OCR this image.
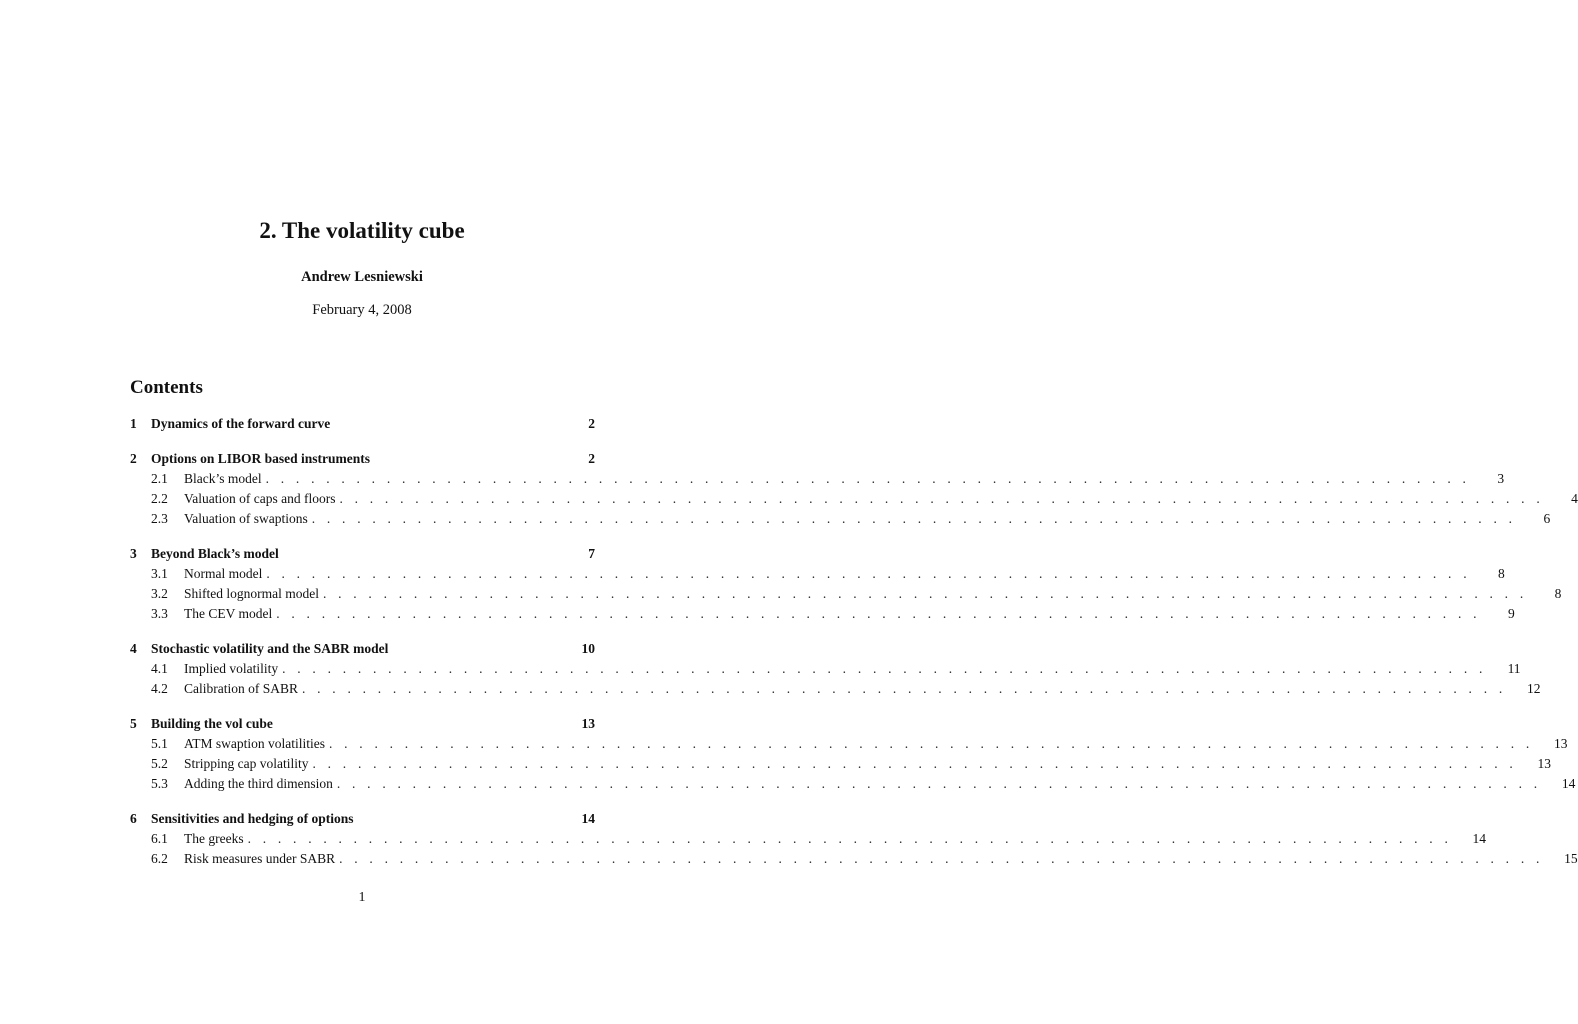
2. The volatility cube
Andrew Lesniewski
February 4, 2008
Contents
1	Dynamics of the forward curve	2
2	Options on LIBOR based instruments	2
2.1	Black’s model . . . . . . . . . . . . . . . . . . . . . . . . . . . . . . . . . . . . . . . . . . . . . . . . . . . . . . . . . . . . . . . . . . . . . . . . . . . . . . . .	3
2.2	Valuation of caps and floors . . . . . . . . . . . . . . . . . . . . . . . . . . . . . . . . . . . . . . . . . . . . . . . . . . . . . . . . . . . . . . . . . . . . . . . . . . . . . . . .	4
2.3	Valuation of swaptions . . . . . . . . . . . . . . . . . . . . . . . . . . . . . . . . . . . . . . . . . . . . . . . . . . . . . . . . . . . . . . . . . . . . . . . . . . . . . . . .	6
3	Beyond Black’s model	7
3.1	Normal model . . . . . . . . . . . . . . . . . . . . . . . . . . . . . . . . . . . . . . . . . . . . . . . . . . . . . . . . . . . . . . . . . . . . . . . . . . . . . . . .	8
3.2	Shifted lognormal model . . . . . . . . . . . . . . . . . . . . . . . . . . . . . . . . . . . . . . . . . . . . . . . . . . . . . . . . . . . . . . . . . . . . . . . . . . . . . . . .	8
3.3	The CEV model . . . . . . . . . . . . . . . . . . . . . . . . . . . . . . . . . . . . . . . . . . . . . . . . . . . . . . . . . . . . . . . . . . . . . . . . . . . . . . . .	9
4	Stochastic volatility and the SABR model	10
4.1	Implied volatility . . . . . . . . . . . . . . . . . . . . . . . . . . . . . . . . . . . . . . . . . . . . . . . . . . . . . . . . . . . . . . . . . . . . . . . . . . . . . . . .	11
4.2	Calibration of SABR . . . . . . . . . . . . . . . . . . . . . . . . . . . . . . . . . . . . . . . . . . . . . . . . . . . . . . . . . . . . . . . . . . . . . . . . . . . . . . . .	12
5	Building the vol cube	13
5.1	ATM swaption volatilities . . . . . . . . . . . . . . . . . . . . . . . . . . . . . . . . . . . . . . . . . . . . . . . . . . . . . . . . . . . . . . . . . . . . . . . . . . . . . . . .	13
5.2	Stripping cap volatility . . . . . . . . . . . . . . . . . . . . . . . . . . . . . . . . . . . . . . . . . . . . . . . . . . . . . . . . . . . . . . . . . . . . . . . . . . . . . . . .	13
5.3	Adding the third dimension . . . . . . . . . . . . . . . . . . . . . . . . . . . . . . . . . . . . . . . . . . . . . . . . . . . . . . . . . . . . . . . . . . . . . . . . . . . . . . . .	14
6	Sensitivities and hedging of options	14
6.1	The greeks . . . . . . . . . . . . . . . . . . . . . . . . . . . . . . . . . . . . . . . . . . . . . . . . . . . . . . . . . . . . . . . . . . . . . . . . . . . . . . . .	14
6.2	Risk measures under SABR . . . . . . . . . . . . . . . . . . . . . . . . . . . . . . . . . . . . . . . . . . . . . . . . . . . . . . . . . . . . . . . . . . . . . . . . . . . . . . . .	15
1
